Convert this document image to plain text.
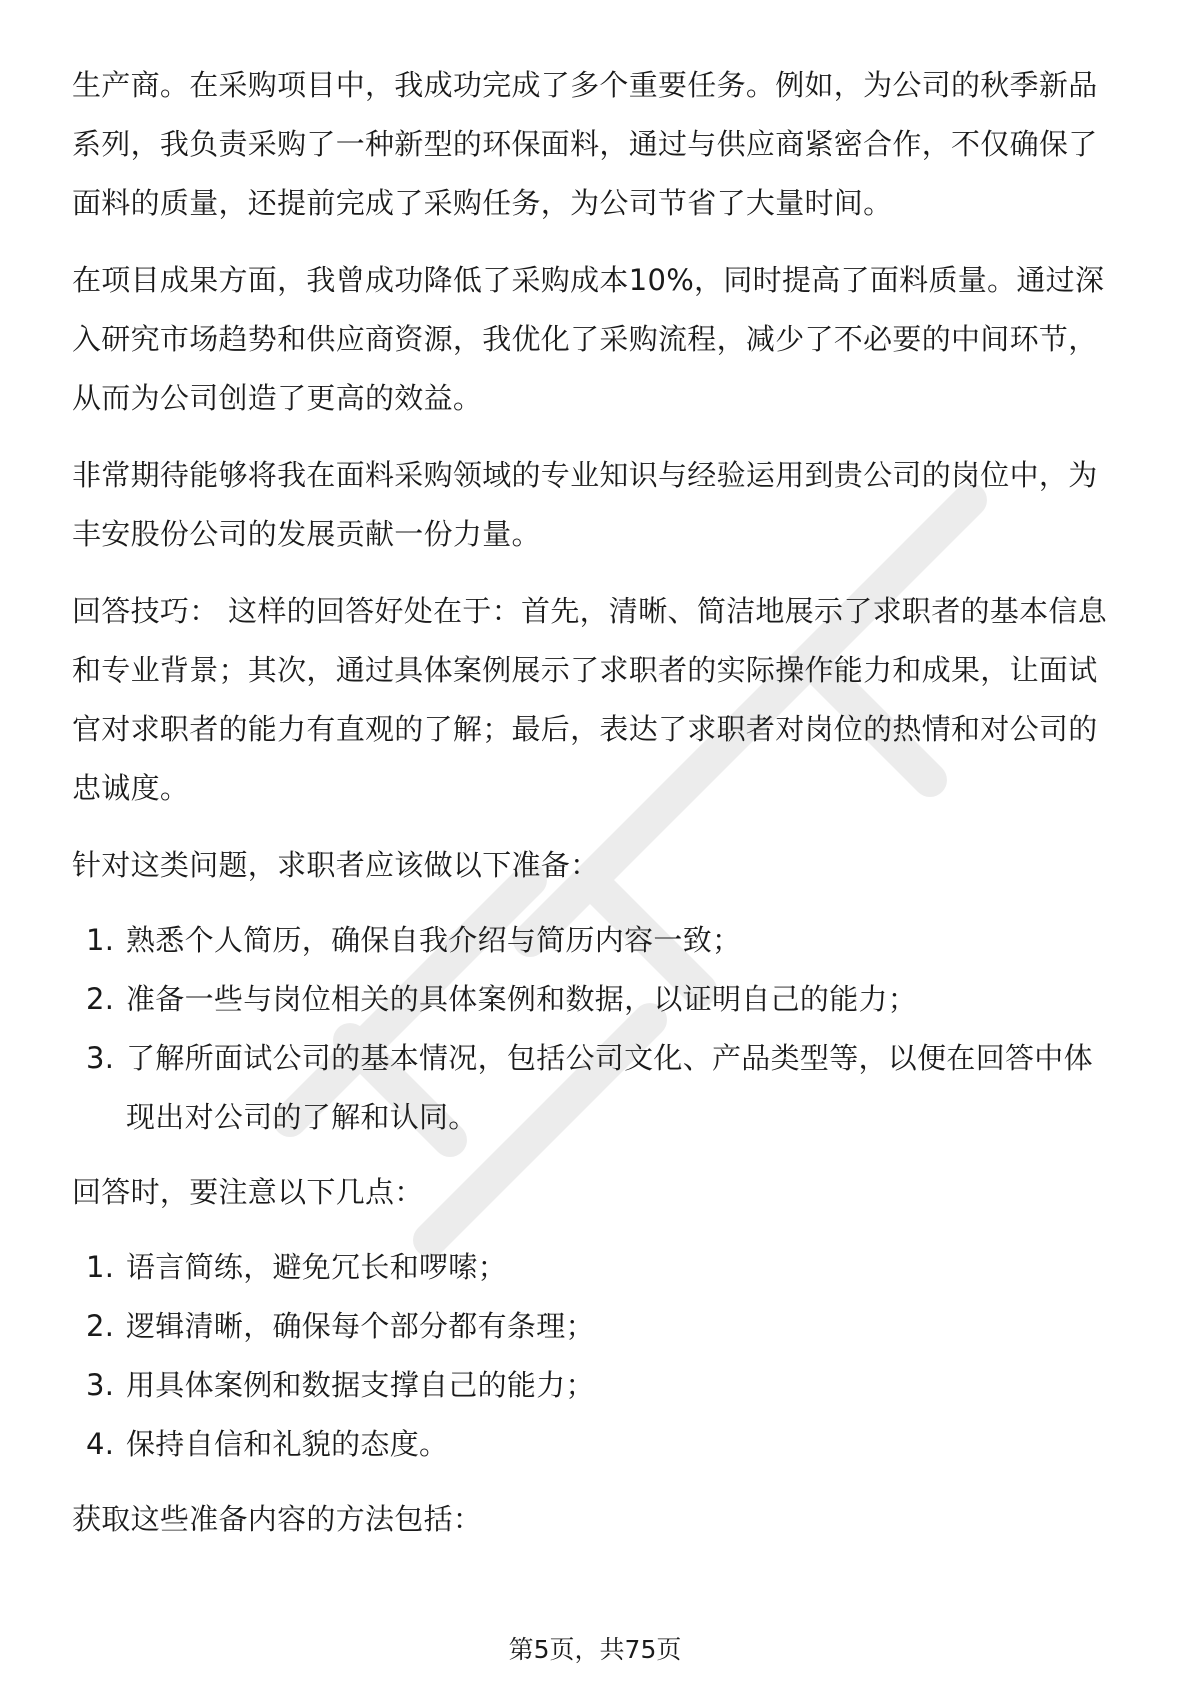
生产商。在采购项目中，我成功完成了多个重要任务。例如，为公司的秋季新品系列，我负责采购了一种新型的环保面料，通过与供应商紧密合作，不仅确保了面料的质量，还提前完成了采购任务，为公司节省了大量时间。

在项目成果方面，我曾成功降低了采购成本10%，同时提高了面料质量。通过深入研究市场趋势和供应商资源，我优化了采购流程，减少了不必要的中间环节，从而为公司创造了更高的效益。

非常期待能够将我在面料采购领域的专业知识与经验运用到贵公司的岗位中，为丰安股份公司的发展贡献一份力量。

回答技巧： 这样的回答好处在于：首先，清晰、简洁地展示了求职者的基本信息和专业背景；其次，通过具体案例展示了求职者的实际操作能力和成果，让面试官对求职者的能力有直观的了解；最后，表达了求职者对岗位的热情和对公司的忠诚度。

针对这类问题，求职者应该做以下准备：

1. 熟悉个人简历，确保自我介绍与简历内容一致；
2. 准备一些与岗位相关的具体案例和数据，以证明自己的能力；
3. 了解所面试公司的基本情况，包括公司文化、产品类型等，以便在回答中体现出对公司的了解和认同。

回答时，要注意以下几点：

1. 语言简练，避免冗长和啰嗦；
2. 逻辑清晰，确保每个部分都有条理；
3. 用具体案例和数据支撑自己的能力；
4. 保持自信和礼貌的态度。

获取这些准备内容的方法包括：

第5页，共75页
